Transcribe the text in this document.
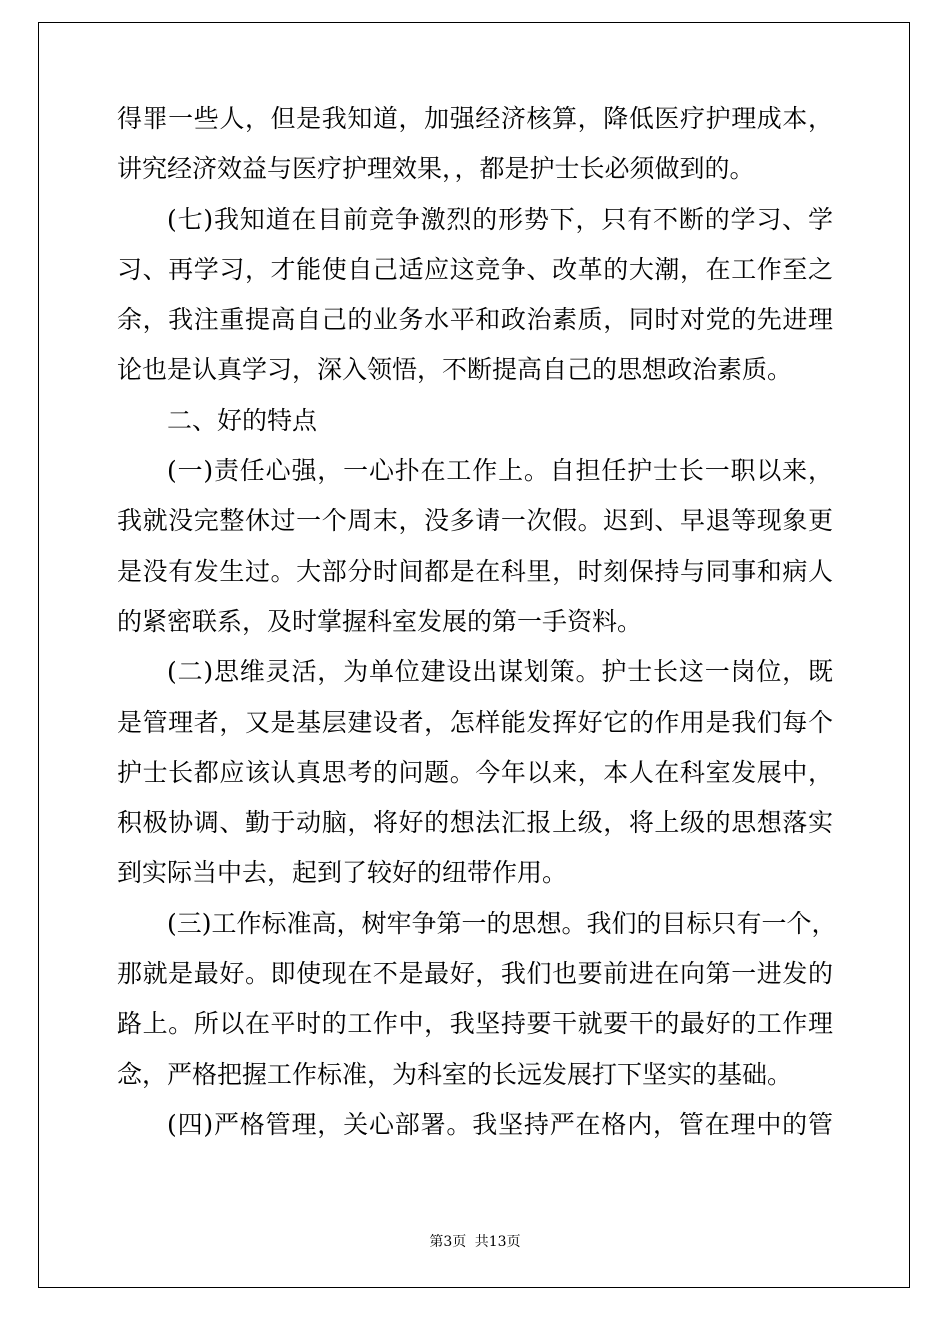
得罪一些人，但是我知道，加强经济核算，降低医疗护理成本，
讲究经济效益与医疗护理效果，，都是护士长必须做到的。
(七)我知道在目前竞争激烈的形势下，只有不断的学习、学
习、再学习，才能使自己适应这竞争、改革的大潮，在工作至之
余，我注重提高自己的业务水平和政治素质，同时对党的先进理
论也是认真学习，深入领悟，不断提高自己的思想政治素质。
二、好的特点
(一)责任心强，一心扑在工作上。自担任护士长一职以来，
我就没完整休过一个周末，没多请一次假。迟到、早退等现象更
是没有发生过。大部分时间都是在科里，时刻保持与同事和病人
的紧密联系，及时掌握科室发展的第一手资料。
(二)思维灵活，为单位建设出谋划策。护士长这一岗位，既
是管理者，又是基层建设者，怎样能发挥好它的作用是我们每个
护士长都应该认真思考的问题。今年以来，本人在科室发展中，
积极协调、勤于动脑，将好的想法汇报上级，将上级的思想落实
到实际当中去，起到了较好的纽带作用。
(三)工作标准高，树牢争第一的思想。我们的目标只有一个，
那就是最好。即使现在不是最好，我们也要前进在向第一进发的
路上。所以在平时的工作中，我坚持要干就要干的最好的工作理
念，严格把握工作标准，为科室的长远发展打下坚实的基础。
(四)严格管理，关心部署。我坚持严在格内，管在理中的管
第3页 共13页
